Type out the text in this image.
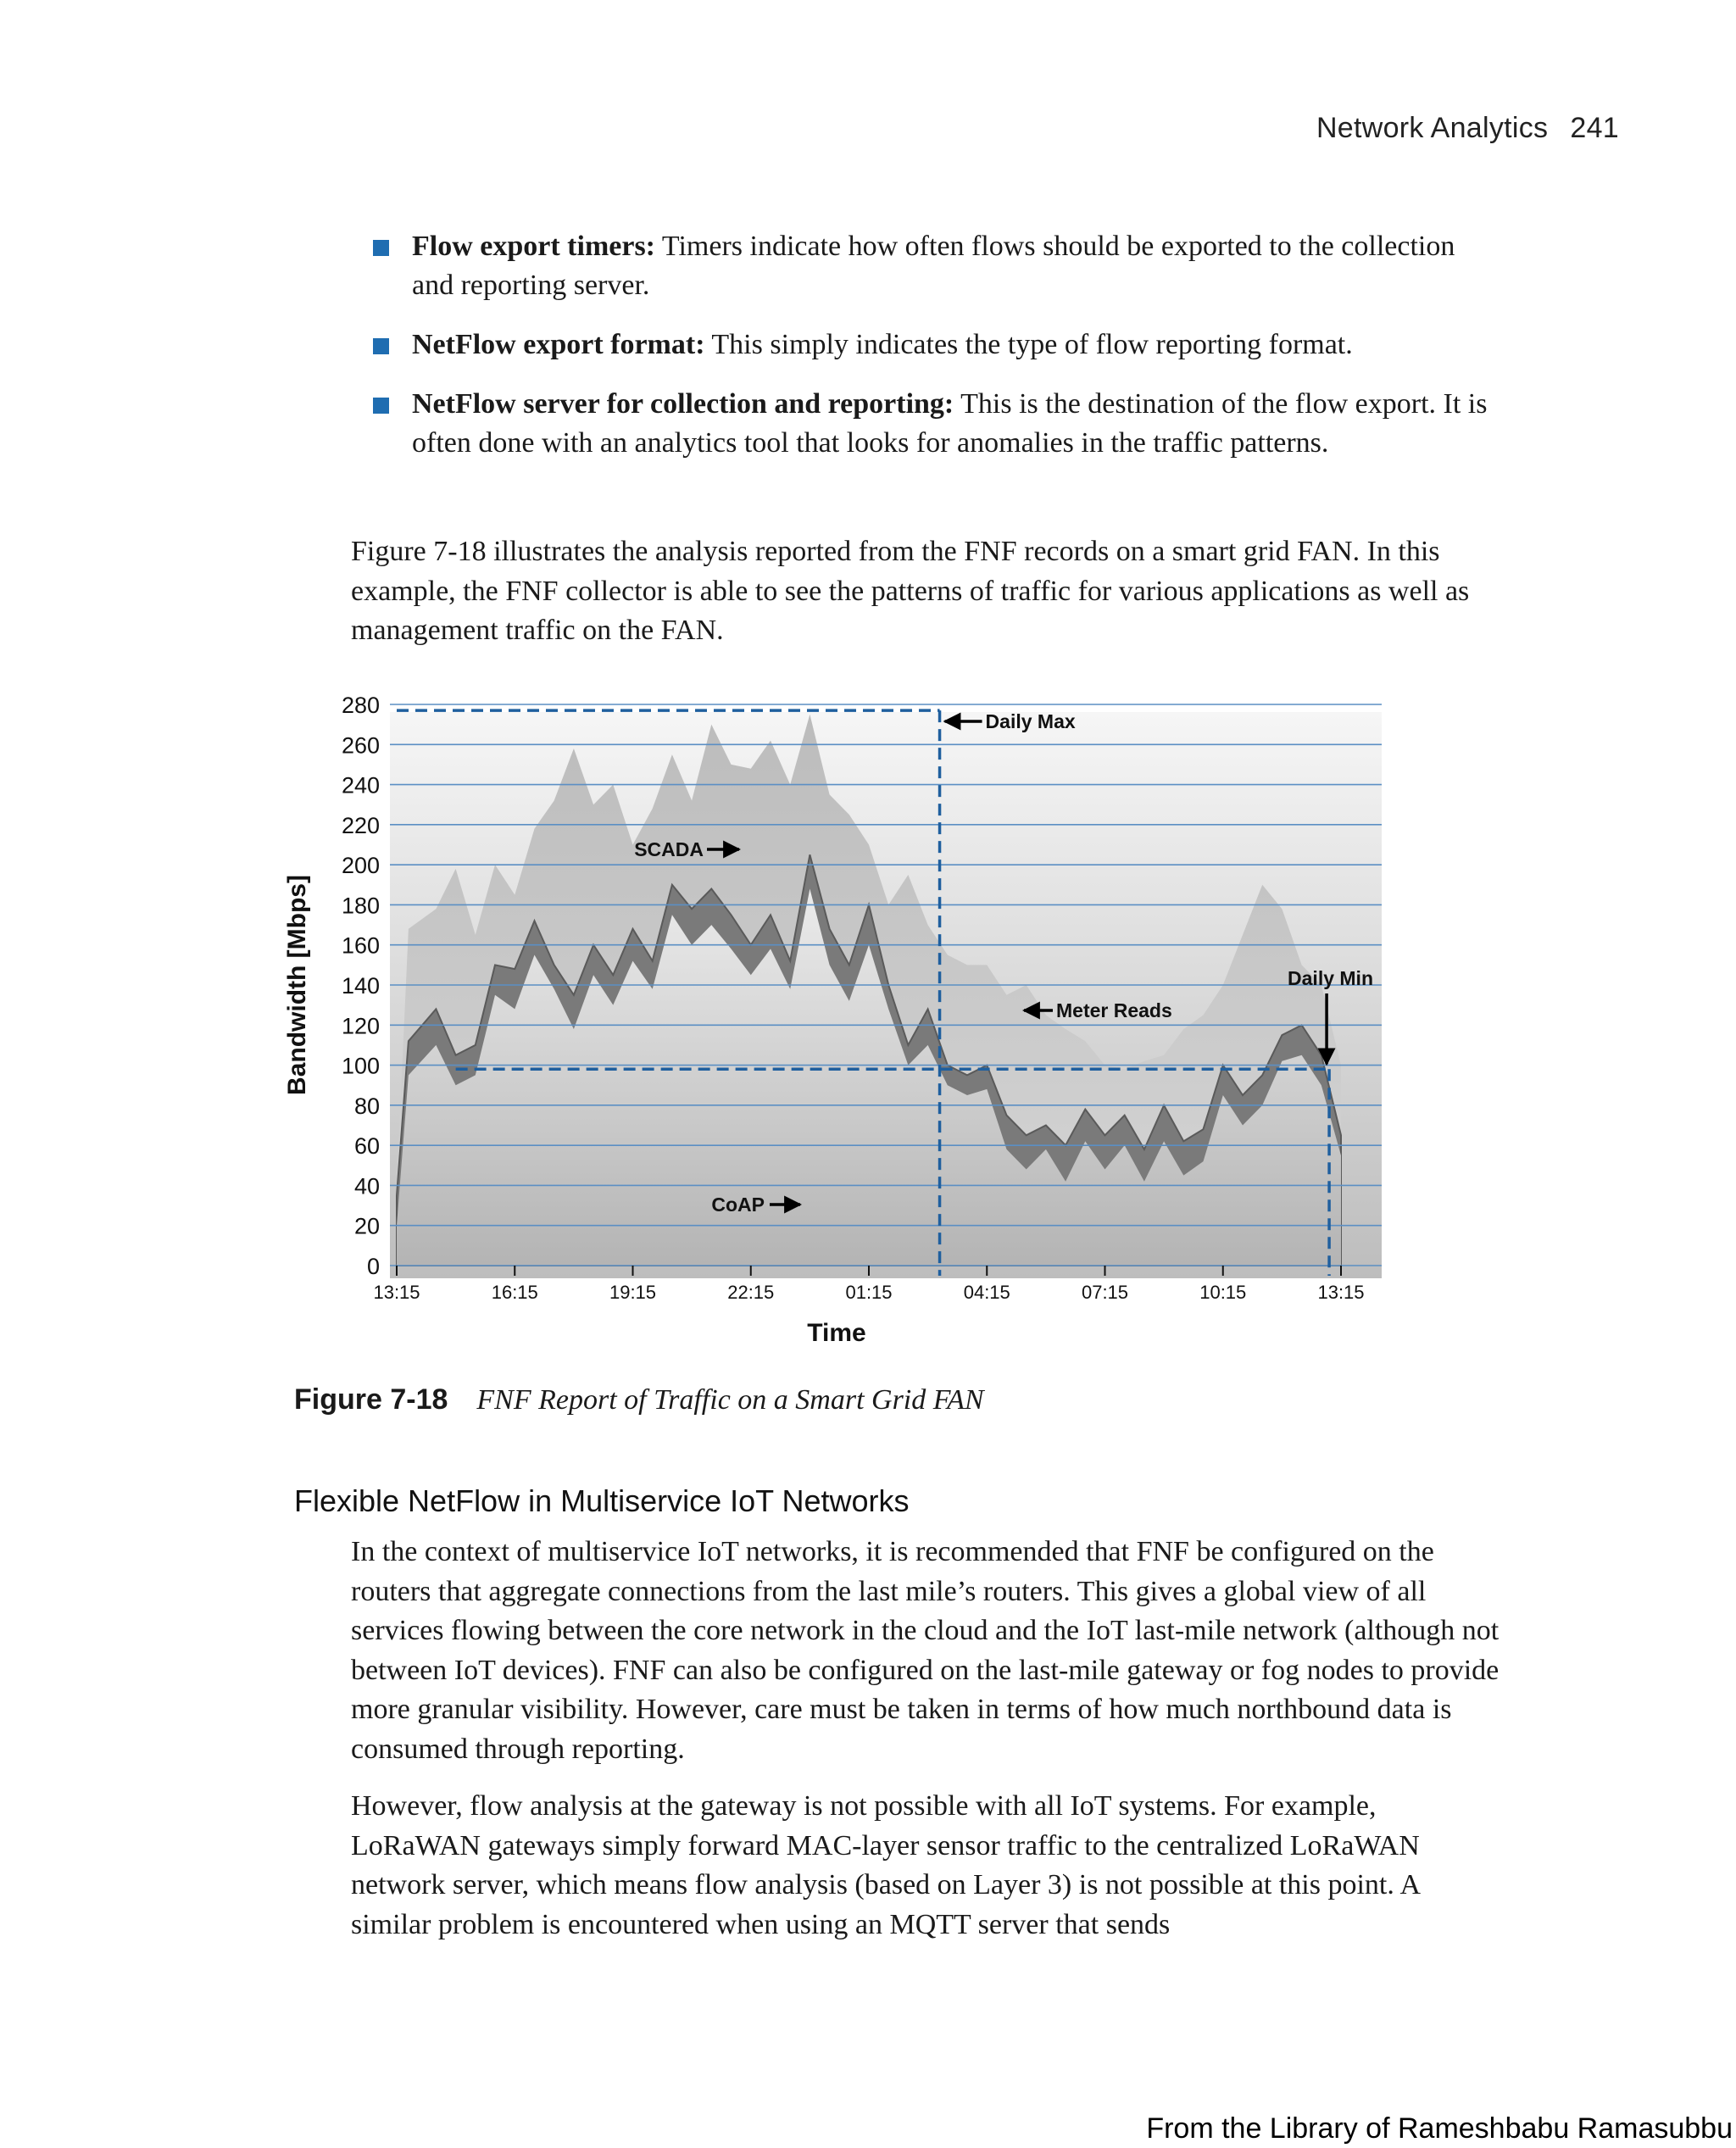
Network Analytics 241
Flow export timers: Timers indicate how often flows should be exported to the collection and reporting server.
NetFlow export format: This simply indicates the type of flow reporting format.
NetFlow server for collection and reporting: This is the destination of the flow export. It is often done with an analytics tool that looks for anomalies in the traffic patterns.
Figure 7-18 illustrates the analysis reported from the FNF records on a smart grid FAN. In this example, the FNF collector is able to see the patterns of traffic for various applications as well as management traffic on the FAN.
0
20
40
60
80
100
120
140
160
180
200
220
240
260
280
13:15	16:15	19:15	22:15	01:15	04:15	07:15	10:15	13:15
Daily Max
Daily Min
SCADA
Meter Reads
CoAP
Bandwidth [Mbps]
Time
Figure 7-18 FNF Report of Traffic on a Smart Grid FAN
Flexible NetFlow in Multiservice IoT Networks
In the context of multiservice IoT networks, it is recommended that FNF be configured on the routers that aggregate connections from the last mile’s routers. This gives a global view of all services flowing between the core network in the cloud and the IoT last-mile network (although not between IoT devices). FNF can also be configured on the last-mile gateway or fog nodes to provide more granular visibility. However, care must be taken in terms of how much northbound data is consumed through reporting.
However, flow analysis at the gateway is not possible with all IoT systems. For example, LoRaWAN gateways simply forward MAC-layer sensor traffic to the centralized LoRaWAN network server, which means flow analysis (based on Layer 3) is not possible at this point. A similar problem is encountered when using an MQTT server that sends
From the Library of Rameshbabu Ramasubbu
